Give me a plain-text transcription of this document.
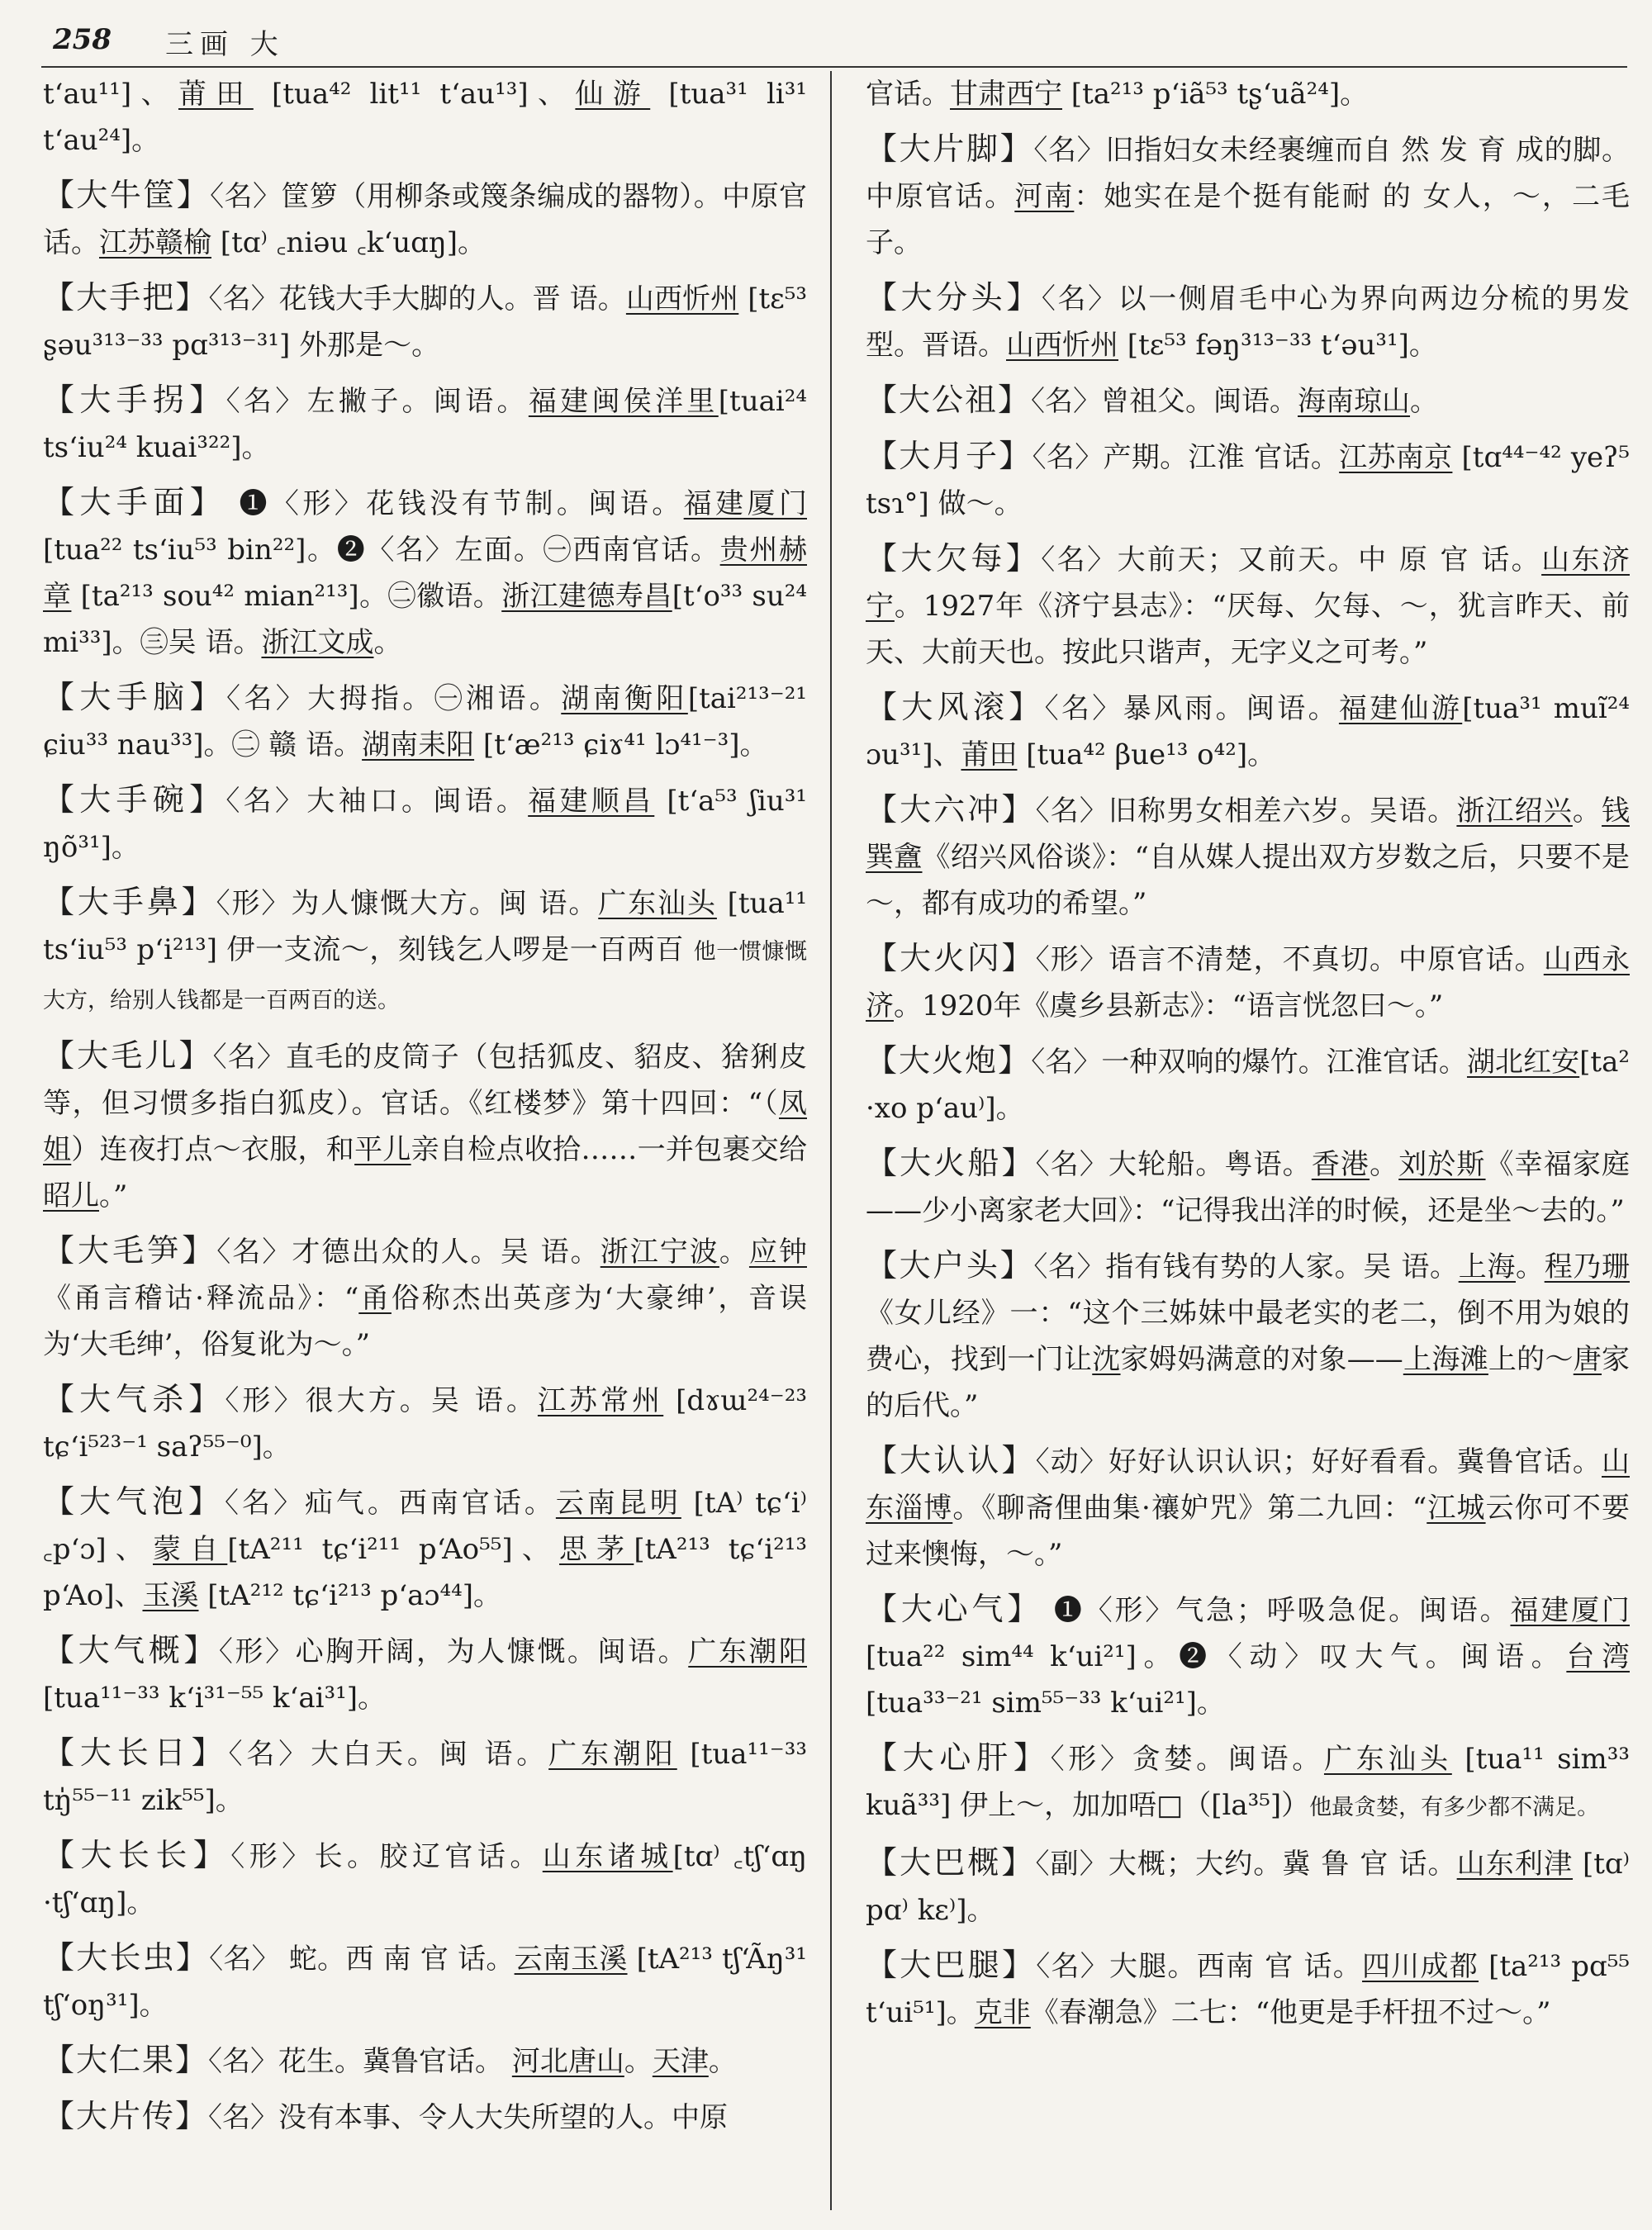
258 三画 大
tʻau¹¹]、莆田 [tua⁴² lit¹¹ tʻau¹³]、仙游 [tua³¹ li³¹ tʻau²⁴]。
【大牛筐】〈名〉筐箩（用柳条或篾条编成的器物）。中原官话。江苏赣榆 [tɑ⁾ ꜀niəu ꜀kʻuɑŋ]。
【大手把】〈名〉花钱大手大脚的人。晋 语。山西忻州 [tɛ⁵³ ʂəu³¹³⁻³³ pɑ³¹³⁻³¹] 外那是～。
【大手拐】〈名〉左撇子。闽语。福建闽侯洋里[tuai²⁴ tsʻiu²⁴ kuai³²²]。
【大手面】 ❶〈形〉花钱没有节制。闽语。福建厦门 [tua²² tsʻiu⁵³ bin²²]。❷〈名〉左面。㊀西南官话。贵州赫章 [ta²¹³ sou⁴² mian²¹³]。㊁徽语。浙江建德寿昌[tʻo³³ su²⁴ mi³³]。㊂吴 语。浙江文成。
【大手脑】〈名〉大拇指。㊀湘语。湖南衡阳[tai²¹³⁻²¹ ɕiu³³ nau³³]。㊁ 赣 语。湖南耒阳 [tʻæ²¹³ ɕiɤ⁴¹ lɔ⁴¹⁻³]。
【大手碗】〈名〉大袖口。闽语。福建顺昌 [tʻa⁵³ ʃiu³¹ ŋõ³¹]。
【大手鼻】〈形〉为人慷慨大方。闽 语。广东汕头 [tua¹¹ tsʻiu⁵³ pʻi²¹³] 伊一支流～，刻钱乞人啰是一百两百 他一惯慷慨大方，给别人钱都是一百两百的送。
【大毛儿】〈名〉直毛的皮筒子（包括狐皮、貂皮、猞猁皮等，但习惯多指白狐皮）。官话。《红楼梦》第十四回：“（凤姐）连夜打点～衣服，和平儿亲自检点收拾……一并包裹交给昭儿。”
【大毛笋】〈名〉才德出众的人。吴 语。浙江宁波。应钟《甬言稽诂·释流品》：“甬俗称杰出英彦为‘大豪绅’，音误为‘大毛绅’，俗复讹为～。”
【大气杀】〈形〉很大方。吴 语。江苏常州 [dɤɯ²⁴⁻²³ tɕʻi⁵²³⁻¹ saʔ⁵⁵⁻⁰]。
【大气泡】〈名〉疝气。西南官话。云南昆明 [tA⁾ tɕʻi⁾ ꜀pʻɔ]、蒙自[tA²¹¹ tɕʻi²¹¹ pʻAo⁵⁵]、思茅[tA²¹³ tɕʻi²¹³ pʻAo]、玉溪 [tA²¹² tɕʻi²¹³ pʻaɔ⁴⁴]。
【大气概】〈形〉心胸开阔，为人慷慨。闽语。广东潮阳 [tua¹¹⁻³³ kʻi³¹⁻⁵⁵ kʻai³¹]。
【大长日】〈名〉大白天。闽 语。广东潮阳 [tua¹¹⁻³³ tŋ̍⁵⁵⁻¹¹ zik⁵⁵]。
【大长长】〈形〉长。胶辽官话。山东诸城[tɑ⁾ ꜀tʃʻɑŋ ·tʃʻɑŋ]。
【大长虫】〈名〉 蛇。西 南 官 话。云南玉溪 [tA²¹³ tʃʻÃŋ³¹ tʃʻoŋ³¹]。
【大仁果】〈名〉花生。冀鲁官话。 河北唐山。天津。
【大片传】〈名〉没有本事、令人大失所望的人。中原
官话。甘肃西宁 [ta²¹³ pʻiã⁵³ tʂʻuã²⁴]。
【大片脚】〈名〉旧指妇女未经裹缠而自 然 发 育 成的脚。中原官话。河南：她实在是个挺有能耐 的 女人，～，二毛子。
【大分头】〈名〉以一侧眉毛中心为界向两边分梳的男发型。晋语。山西忻州 [tɛ⁵³ fəŋ³¹³⁻³³ tʻəu³¹]。
【大公祖】〈名〉曾祖父。闽语。海南琼山。
【大月子】〈名〉产期。江淮 官话。江苏南京 [tɑ⁴⁴⁻⁴² yeʔ⁵ tsɿ°] 做～。
【大欠每】〈名〉大前天；又前天。中 原 官 话。山东济宁。1927年《济宁县志》：“厌每、欠每、～，犹言昨天、前天、大前天也。按此只谐声，无字义之可考。”
【大风滚】〈名〉暴风雨。闽语。福建仙游[tua³¹ muĩ²⁴ ɔu³¹]、莆田 [tua⁴² βue¹³ o⁴²]。
【大六冲】〈名〉旧称男女相差六岁。吴语。浙江绍兴。钱巽盦《绍兴风俗谈》：“自从媒人提出双方岁数之后，只要不是～，都有成功的希望。”
【大火闪】〈形〉语言不清楚，不真切。中原官话。山西永济。1920年《虞乡县新志》：“语言恍忽曰～。”
【大火炮】〈名〉一种双响的爆竹。江淮官话。湖北红安[ta² ·xo pʻau⁾]。
【大火船】〈名〉大轮船。粤语。香港。刘於斯《幸福家庭——少小离家老大回》：“记得我出洋的时候，还是坐～去的。”
【大户头】〈名〉指有钱有势的人家。吴 语。上海。程乃珊《女儿经》一：“这个三姊妹中最老实的老二，倒不用为娘的费心，找到一门让沈家姆妈满意的对象——上海滩上的～唐家的后代。”
【大认认】〈动〉好好认识认识；好好看看。冀鲁官话。山东淄博。《聊斋俚曲集·禳妒咒》第二九回：“江城云你可不要过来懊悔，～。”
【大心气】 ❶〈形〉气急；呼吸急促。闽语。福建厦门 [tua²² sim⁴⁴ kʻui²¹]。❷〈动〉叹大气。闽语。台湾 [tua³³⁻²¹ sim⁵⁵⁻³³ kʻui²¹]。
【大心肝】〈形〉贪婪。闽语。广东汕头 [tua¹¹ sim³³ kuã³³] 伊上～，加加唔□（[la³⁵]）他最贪婪，有多少都不满足。
【大巴概】〈副〉大概；大约。冀 鲁 官 话。山东利津 [tɑ⁾ pɑ⁾ kɛ⁾]。
【大巴腿】〈名〉大腿。西南 官 话。四川成都 [ta²¹³ pɑ⁵⁵ tʻui⁵¹]。克非《春潮急》二七：“他更是手杆扭不过～。”
